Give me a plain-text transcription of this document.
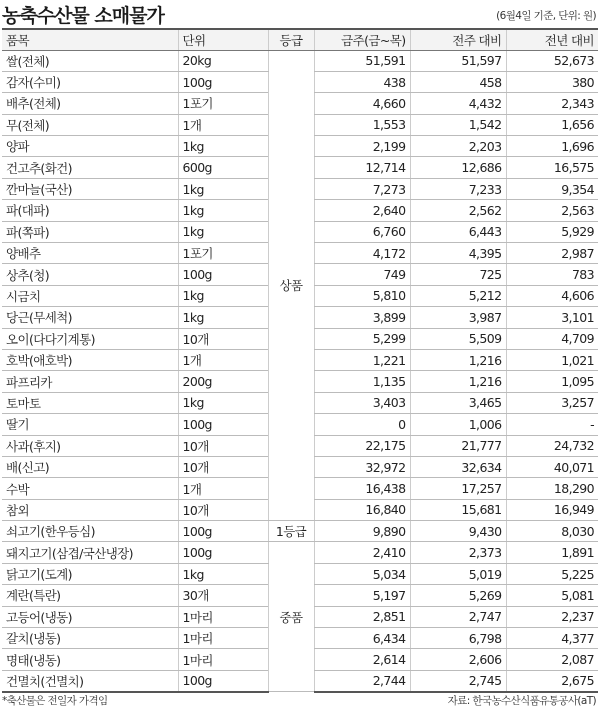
농축수산물 소매물가	(6월4일 기준, 단위: 원)
품목	단위	등급	금주(금~목)	전주 대비	전년 대비
쌀(전체)	20kg	상품	51,591	51,597	52,673
감자(수미)	100g		438	458	380
배추(전체)	1포기		4,660	4,432	2,343
무(전체)	1개		1,553	1,542	1,656
양파	1kg		2,199	2,203	1,696
건고추(화건)	600g		12,714	12,686	16,575
깐마늘(국산)	1kg		7,273	7,233	9,354
파(대파)	1kg		2,640	2,562	2,563
파(쪽파)	1kg		6,760	6,443	5,929
양배추	1포기		4,172	4,395	2,987
상추(청)	100g		749	725	783
시금치	1kg		5,810	5,212	4,606
당근(무세척)	1kg		3,899	3,987	3,101
오이(다다기계통)	10개		5,299	5,509	4,709
호박(애호박)	1개		1,221	1,216	1,021
파프리카	200g		1,135	1,216	1,095
토마토	1kg		3,403	3,465	3,257
딸기	100g		0	1,006	-
사과(후지)	10개		22,175	21,777	24,732
배(신고)	10개		32,972	32,634	40,071
수박	1개		16,438	17,257	18,290
참외	10개		16,840	15,681	16,949
쇠고기(한우등심)	100g	1등급	9,890	9,430	8,030
돼지고기(삼겹/국산냉장)	100g	중품	2,410	2,373	1,891
닭고기(도계)	1kg		5,034	5,019	5,225
계란(특란)	30개		5,197	5,269	5,081
고등어(냉동)	1마리		2,851	2,747	2,237
갈치(냉동)	1마리		6,434	6,798	4,377
명태(냉동)	1마리		2,614	2,606	2,087
건멸치(건멸치)	100g		2,744	2,745	2,675
*축산물은 전일자 가격임	자료: 한국농수산식품유통공사(aT)
